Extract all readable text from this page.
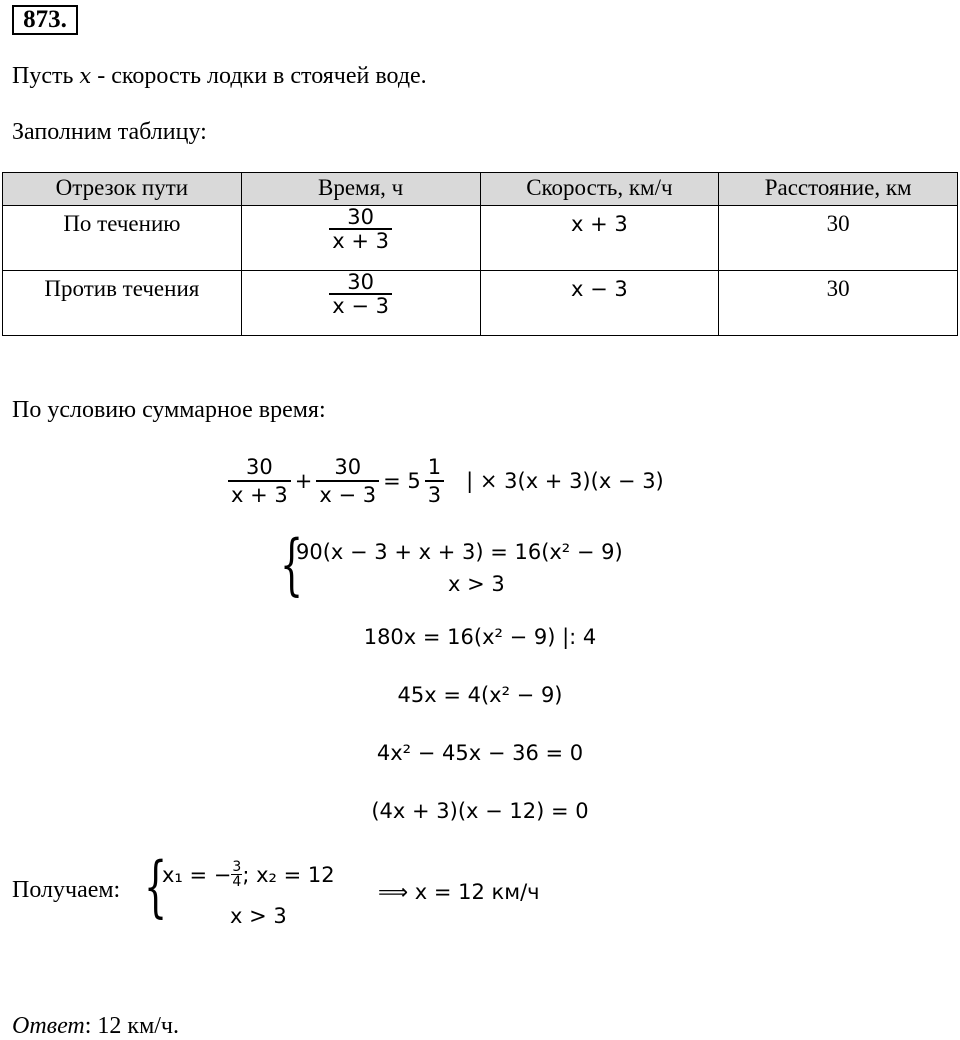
873.
Пусть x - скорость лодки в стоячей воде.
Заполним таблицу:
Отрезок пути	Время, ч	Скорость, км/ч	Расстояние, км

По течению	$\frac{30}{x + 3}$	x + 3	30

Против течения	$\frac{30}{x - 3}$	x − 3	30
По условию суммарное время:
$\frac{30}{x + 3} + \frac{30}{x - 3} = 5 \frac{1}{3}$ | × 3(x + 3)(x − 3)
{
90(x − 3 + x + 3) = 16(x² − 9)
x > 3
180x = 16(x² − 9) |: 4
45x = 4(x² − 9)
4x² − 45x − 36 = 0
(4x + 3)(x − 12) = 0
Получаем: {
x₁ = − $\frac{3}{4}$ ; x₂ = 12
x > 3
⟹ x = 12 км/ч
Ответ: 12 км/ч.
